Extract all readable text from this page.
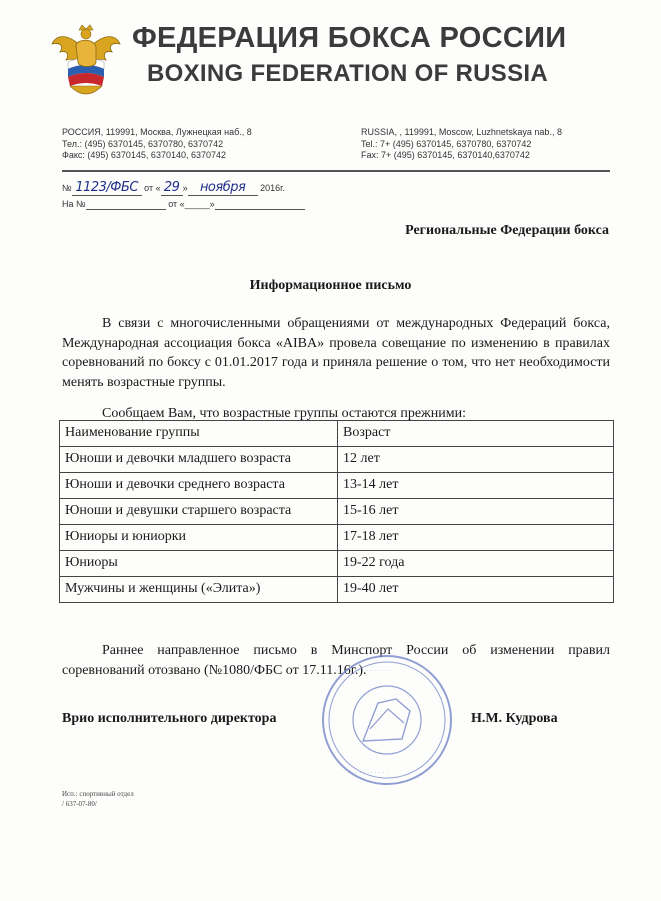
ФЕДЕРАЦИЯ БОКСА РОССИИ
BOXING FEDERATION OF RUSSIA
РОССИЯ, 119991, Москва, Лужнецкая наб., 8
Тел.: (495) 6370145, 6370780, 6370742
Факс: (495) 6370145, 6370140, 6370742
RUSSIA, , 119991, Moscow, Luzhnetskaya nab., 8
Tel.: 7+ (495) 6370145, 6370780, 6370742
Fax: 7+ (495) 6370145, 6370140,6370742
№ 1123/ФБС от « 29 » ноября 2016г.
На №	от «_____»
Региональные Федерации бокса
Информационное письмо
В связи с многочисленными обращениями от международных Федераций бокса, Международная ассоциация бокса «AIBA» провела совещание по изменению в правилах соревнований по боксу с 01.01.2017 года и приняла решение о том, что нет необходимости менять возрастные группы.
Сообщаем Вам, что возрастные группы остаются прежними:
Наименование группы	Возраст
Юноши и девочки младшего возраста	12 лет
Юноши и девочки среднего возраста	13-14 лет
Юноши и девушки старшего возраста	15-16 лет
Юниоры и юниорки	17-18 лет
Юниоры	19-22 года
Мужчины и женщины («Элита»)	19-40 лет
Раннее направленное письмо в Минспорт России об изменении правил соревнований отозвано (№1080/ФБС от 17.11.16г.).
· · · · · · · · ·
· · · · · · · · · · ·
Врио исполнительного директора	Н.М. Кудрова
Исп.: спортивный отдел
/ 637-07-80/
